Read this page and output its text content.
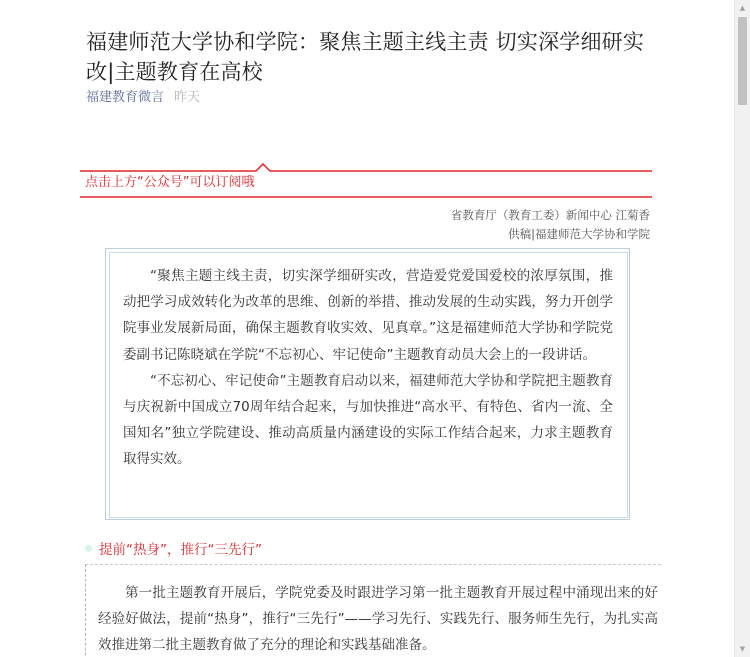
福建师范大学协和学院：聚焦主题主线主责 切实深学细研实改|主题教育在高校
福建教育微言 昨天
点击上方“公众号”可以订阅哦
省教育厅（教育工委）新闻中心 江菊香
供稿|福建师范大学协和学院

“聚焦主题主线主责，切实深学细研实改，营造爱党爱国爱校的浓厚氛围，推动把学习成效转化为改革的思维、创新的举措、推动发展的生动实践，努力开创学院事业发展新局面，确保主题教育收实效、见真章。”这是福建师范大学协和学院党委副书记陈晓斌在学院“不忘初心、牢记使命”主题教育动员大会上的一段讲话。

“不忘初心、牢记使命”主题教育启动以来，福建师范大学协和学院把主题教育与庆祝新中国成立70周年结合起来，与加快推进“高水平、有特色、省内一流、全国知名”独立学院建设、推动高质量内涵建设的实际工作结合起来，力求主题教育取得实效。

提前“热身”，推行“三先行”

第一批主题教育开展后，学院党委及时跟进学习第一批主题教育开展过程中涌现出来的好经验好做法，提前“热身”，推行“三先行”——学习先行、实践先行、服务师生先行，为扎实高效推进第二批主题教育做了充分的理论和实践基础准备。

▲
▼
